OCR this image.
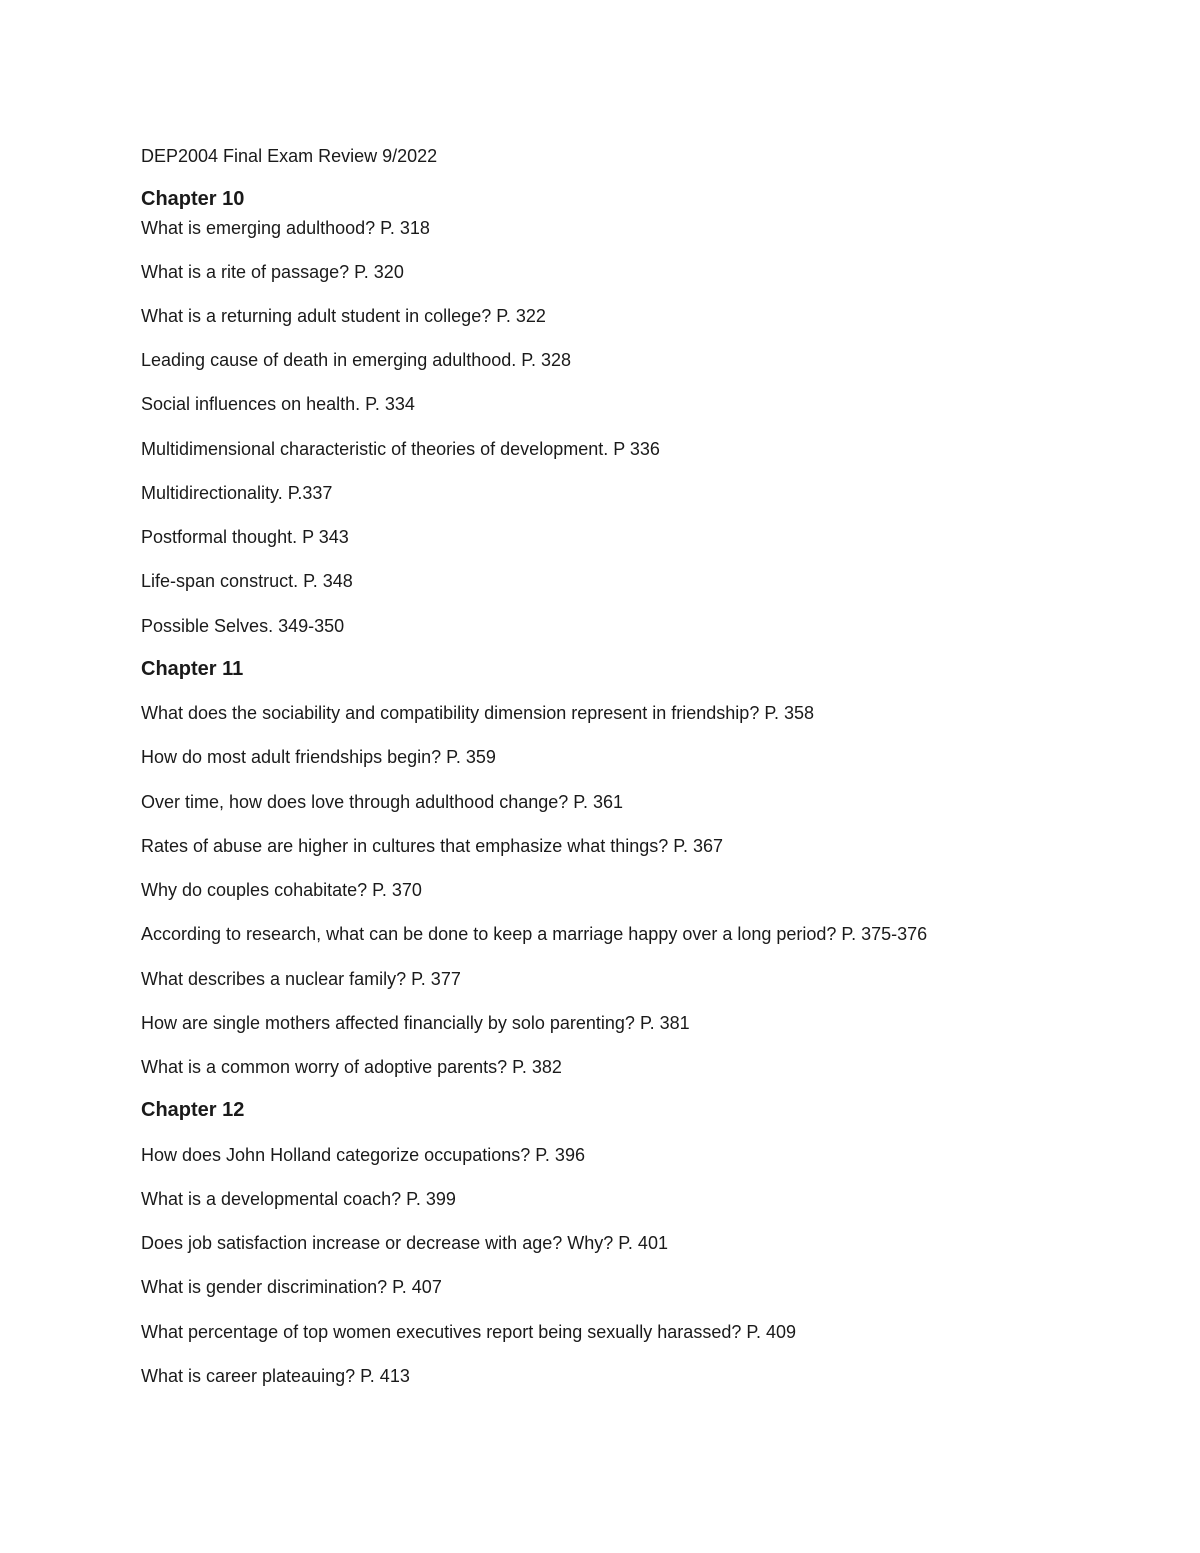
DEP2004 Final Exam Review 9/2022
Chapter 10
What is emerging adulthood? P. 318
What is a rite of passage? P. 320
What is a returning adult student in college? P. 322
Leading cause of death in emerging adulthood. P. 328
Social influences on health. P. 334
Multidimensional characteristic of theories of development. P 336
Multidirectionality. P.337
Postformal thought. P 343
Life-span construct. P. 348
Possible Selves. 349-350
Chapter 11
What does the sociability and compatibility dimension represent in friendship? P. 358
How do most adult friendships begin? P. 359
Over time, how does love through adulthood change? P. 361
Rates of abuse are higher in cultures that emphasize what things? P. 367
Why do couples cohabitate? P. 370
According to research, what can be done to keep a marriage happy over a long period? P. 375-376
What describes a nuclear family? P. 377
How are single mothers affected financially by solo parenting? P. 381
What is a common worry of adoptive parents? P. 382
Chapter 12
How does John Holland categorize occupations? P. 396
What is a developmental coach? P. 399
Does job satisfaction increase or decrease with age? Why? P. 401
What is gender discrimination? P. 407
What percentage of top women executives report being sexually harassed? P. 409
What is career plateauing? P. 413
